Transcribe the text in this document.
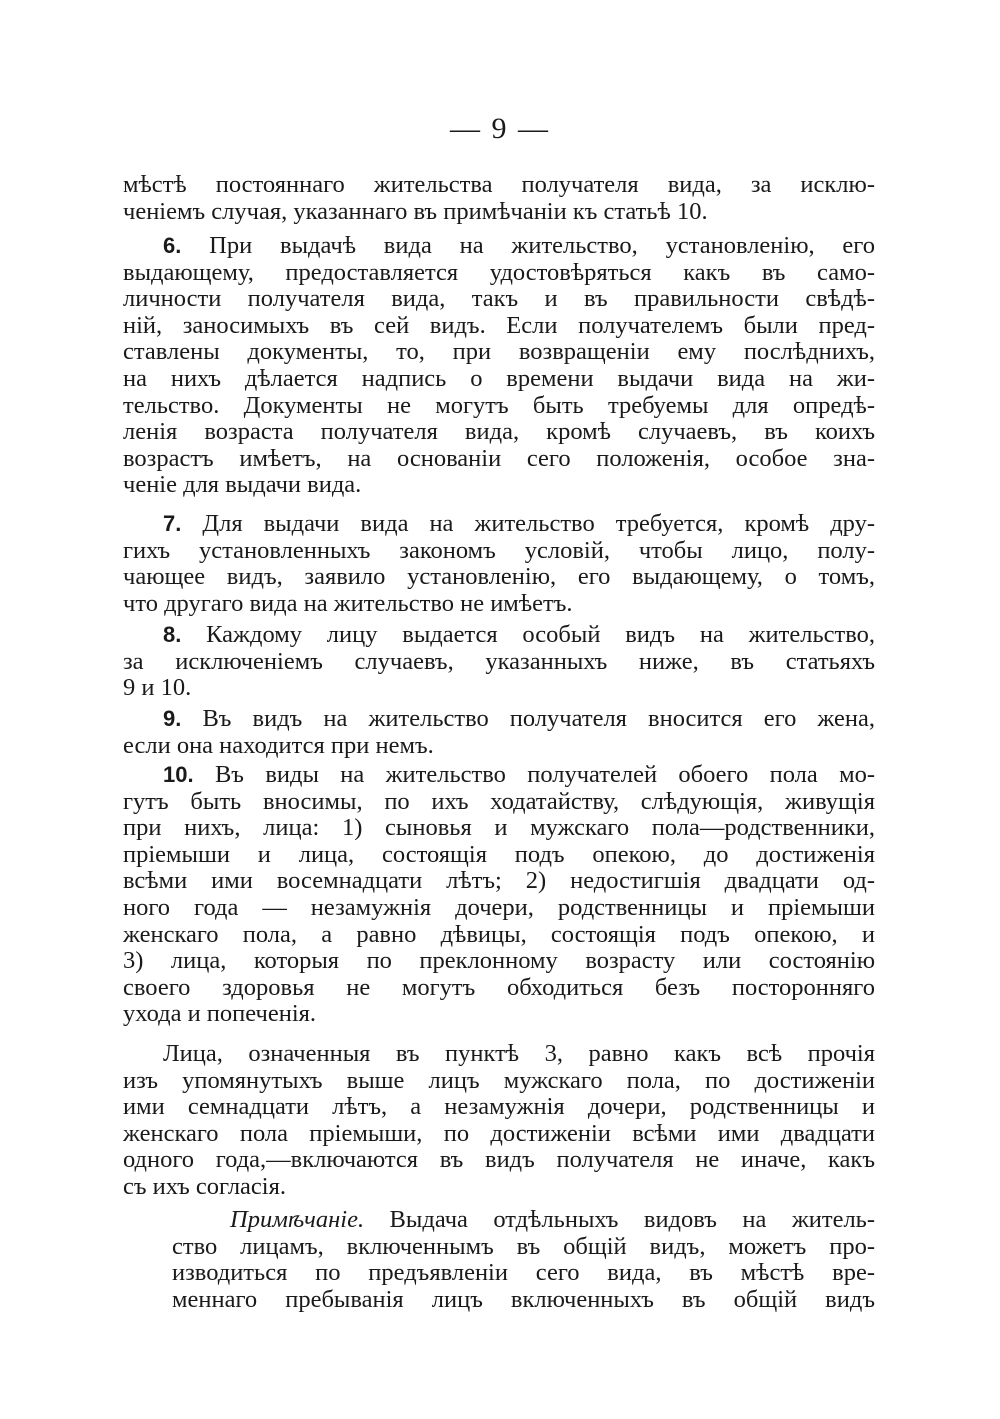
— 9 —
мѣстѣ постояннаго жительства получателя вида, за исклю-
ченіемъ случая, указаннаго въ примѣчаніи къ статьѣ 10.
6. При выдачѣ вида на жительство, установленію, его
выдающему, предоставляется удостовѣряться какъ въ само-
личности получателя вида, такъ и въ правильности свѣдѣ-
ній, заносимыхъ въ сей видъ. Если получателемъ были пред-
ставлены документы, то, при возвращеніи ему послѣднихъ,
на нихъ дѣлается надпись о времени выдачи вида на жи-
тельство. Документы не могутъ быть требуемы для опредѣ-
ленія возраста получателя вида, кромѣ случаевъ, въ коихъ
возрастъ имѣетъ, на основаніи сего положенія, особое зна-
ченіе для выдачи вида.
7. Для выдачи вида на жительство требуется, кромѣ дру-
гихъ установленныхъ закономъ условій, чтобы лицо, полу-
чающее видъ, заявило установленію, его выдающему, о томъ,
что другаго вида на жительство не имѣетъ.
8. Каждому лицу выдается особый видъ на жительство,
за исключеніемъ случаевъ, указанныхъ ниже, въ статьяхъ
9 и 10.
9. Въ видъ на жительство получателя вносится его жена,
если она находится при немъ.
10. Въ виды на жительство получателей обоего пола мо-
гутъ быть вносимы, по ихъ ходатайству, слѣдующія, живущія
при нихъ, лица: 1) сыновья и мужскаго пола—родственники,
пріемыши и лица, состоящія подъ опекою, до достиженія
всѣми ими восемнадцати лѣтъ; 2) недостигшія двадцати од-
ного года — незамужнія дочери, родственницы и пріемыши
женскаго пола, а равно дѣвицы, состоящія подъ опекою, и
3) лица, которыя по преклонному возрасту или состоянію
своего здоровья не могутъ обходиться безъ посторонняго
ухода и попеченія.
Лица, означенныя въ пунктѣ 3, равно какъ всѣ прочія
изъ упомянутыхъ выше лицъ мужскаго пола, по достиженіи
ими семнадцати лѣтъ, а незамужнія дочери, родственницы и
женскаго пола пріемыши, по достиженіи всѣми ими двадцати
одного года,—включаются въ видъ получателя не иначе, какъ
съ ихъ согласія.
Примѣчаніе. Выдача отдѣльныхъ видовъ на житель-
ство лицамъ, включеннымъ въ общій видъ, можетъ про-
изводиться по предъявленіи сего вида, въ мѣстѣ вре-
меннаго пребыванія лицъ включенныхъ въ общій видъ
